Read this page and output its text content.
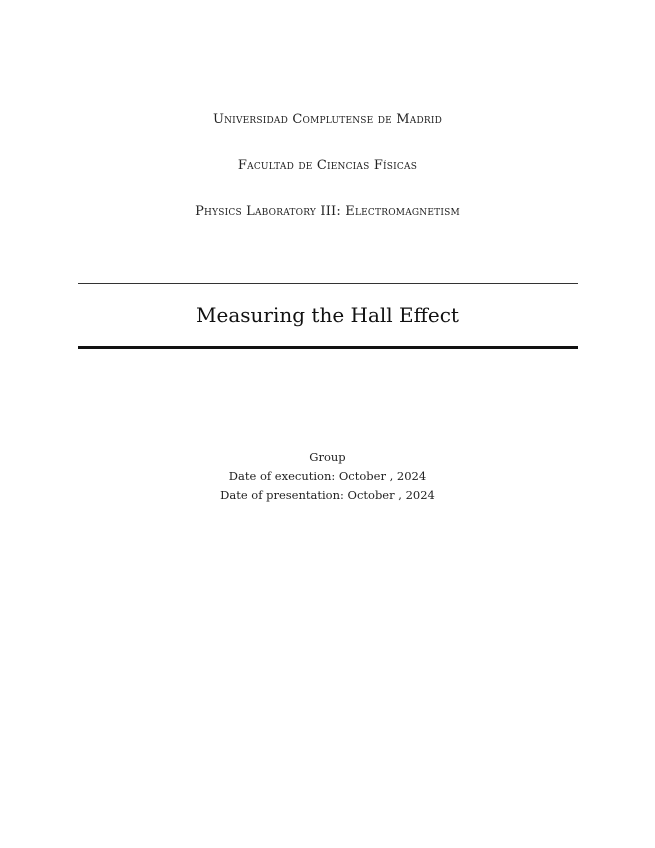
Universidad Complutense de Madrid
Facultad de Ciencias Físicas
Physics Laboratory III: Electromagnetism
Measuring the Hall Effect
Group
Date of execution: October , 2024
Date of presentation: October , 2024
